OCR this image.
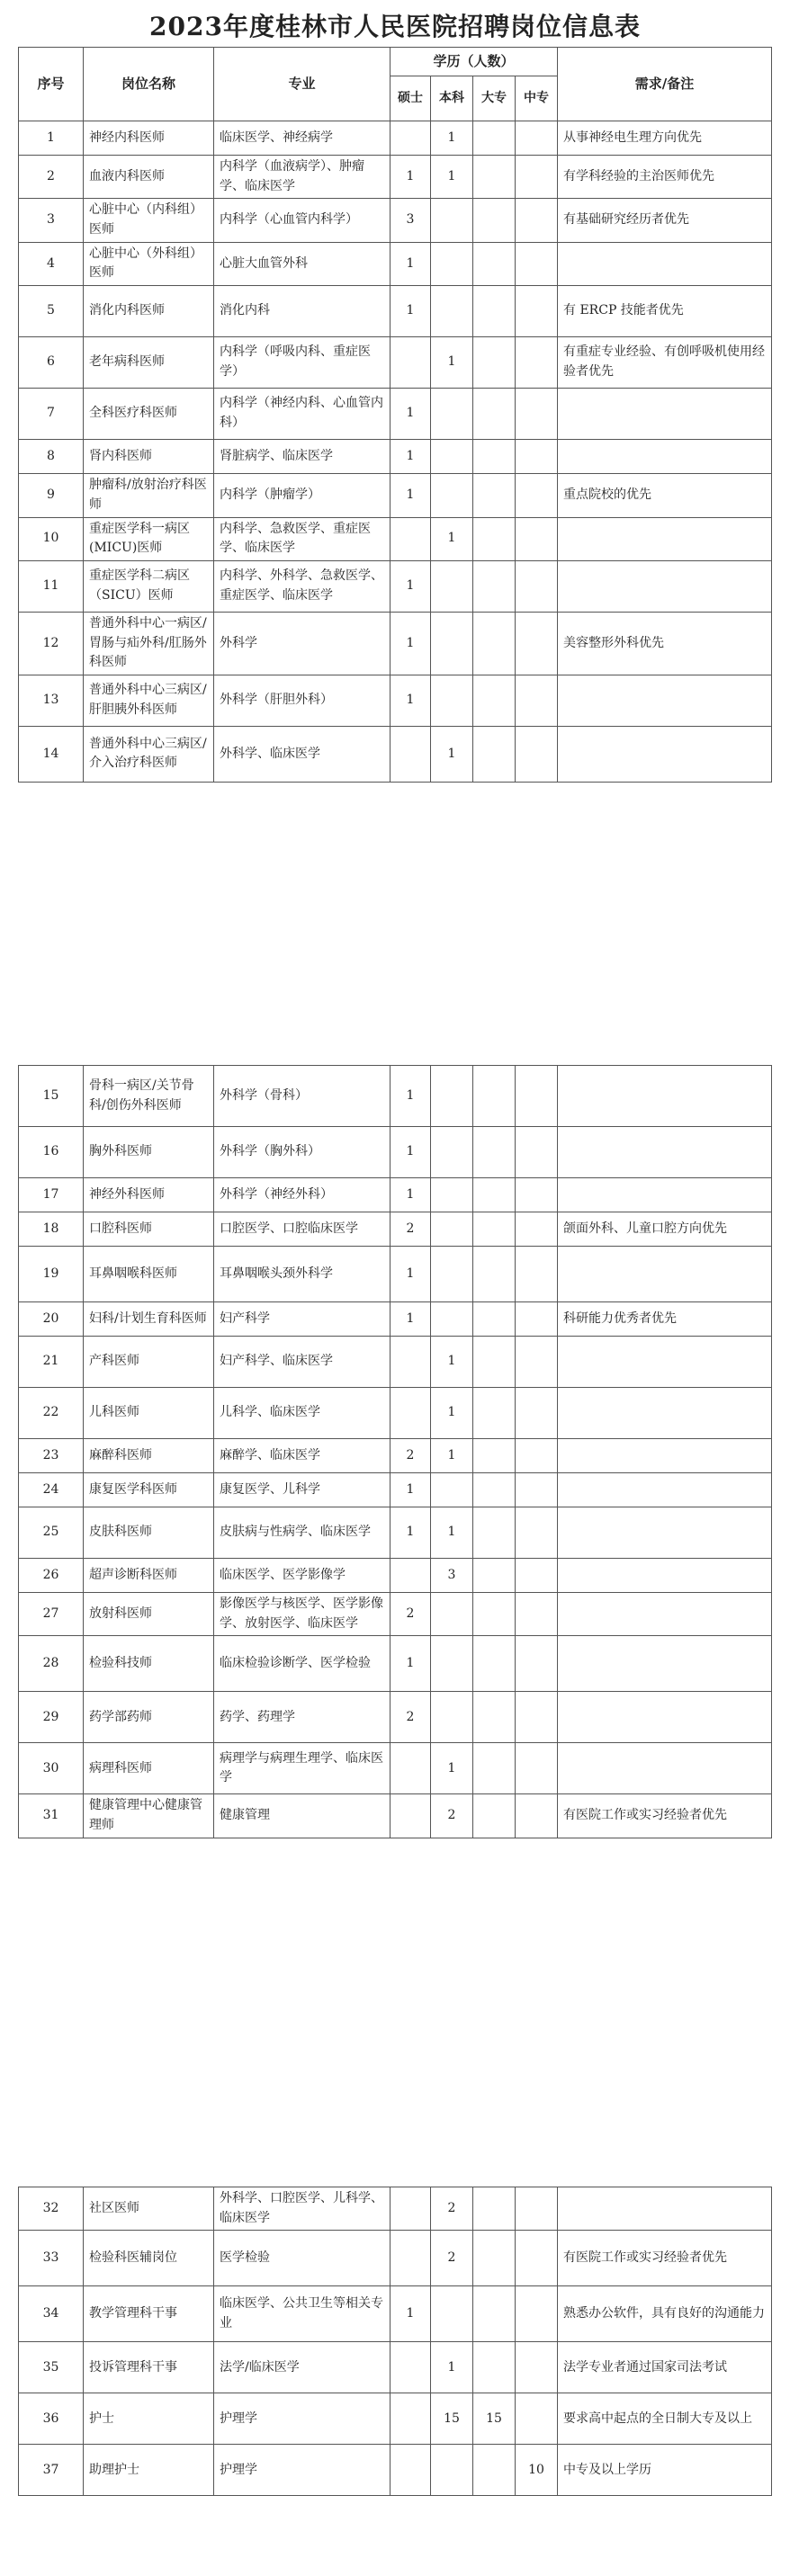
2023年度桂林市人民医院招聘岗位信息表
序号	岗位名称	专业	学历（人数）				需求/备注
			硕士	本科	大专	中专	
1	神经内科医师	临床医学、神经病学		1			从事神经电生理方向优先
2	血液内科医师	内科学（血液病学）、肿瘤学、临床医学	1	1			有学科经验的主治医师优先
3	心脏中心（内科组）医师	内科学（心血管内科学）	3				有基础研究经历者优先
4	心脏中心（外科组）医师	心脏大血管外科	1				
5	消化内科医师	消化内科	1				有 ERCP 技能者优先
6	老年病科医师	内科学（呼吸内科、重症医学）		1			有重症专业经验、有创呼吸机使用经验者优先
7	全科医疗科医师	内科学（神经内科、心血管内科）	1				
8	肾内科医师	肾脏病学、临床医学	1				
9	肿瘤科/放射治疗科医师	内科学（肿瘤学）	1				重点院校的优先
10	重症医学科一病区(MICU)医师	内科学、急救医学、重症医学、临床医学		1			
11	重症医学科二病区（SICU）医师	内科学、外科学、急救医学、重症医学、临床医学	1				
12	普通外科中心一病区/胃肠与疝外科/肛肠外科医师	外科学	1				美容整形外科优先
13	普通外科中心三病区/ 肝胆胰外科医师	外科学（肝胆外科）	1				
14	普通外科中心三病区/介入治疗科医师	外科学、临床医学		1			
15	骨科一病区/关节骨科/创伤外科医师	外科学（骨科）	1				
16	胸外科医师	外科学（胸外科）	1				
17	神经外科医师	外科学（神经外科）	1				
18	口腔科医师	口腔医学、口腔临床医学	2				颌面外科、儿童口腔方向优先
19	耳鼻咽喉科医师	耳鼻咽喉头颈外科学	1				
20	妇科/计划生育科医师	妇产科学	1				科研能力优秀者优先
21	产科医师	妇产科学、临床医学		1			
22	儿科医师	儿科学、临床医学		1			
23	麻醉科医师	麻醉学、临床医学	2	1			
24	康复医学科医师	康复医学、儿科学	1				
25	皮肤科医师	皮肤病与性病学、临床医学	1	1			
26	超声诊断科医师	临床医学、医学影像学		3			
27	放射科医师	影像医学与核医学、医学影像学、放射医学、临床医学	2				
28	检验科技师	临床检验诊断学、医学检验	1				
29	药学部药师	药学、药理学	2				
30	病理科医师	病理学与病理生理学、临床医学		1			
31	健康管理中心健康管理师	健康管理		2			有医院工作或实习经验者优先
32	社区医师	外科学、口腔医学、儿科学、临床医学		2			
33	检验科医辅岗位	医学检验		2			有医院工作或实习经验者优先
34	教学管理科干事	临床医学、公共卫生等相关专业	1				熟悉办公软件，具有良好的沟通能力
35	投诉管理科干事	法学/临床医学		1			法学专业者通过国家司法考试
36	护士	护理学		15	15		要求高中起点的全日制大专及以上
37	助理护士	护理学				10	中专及以上学历
